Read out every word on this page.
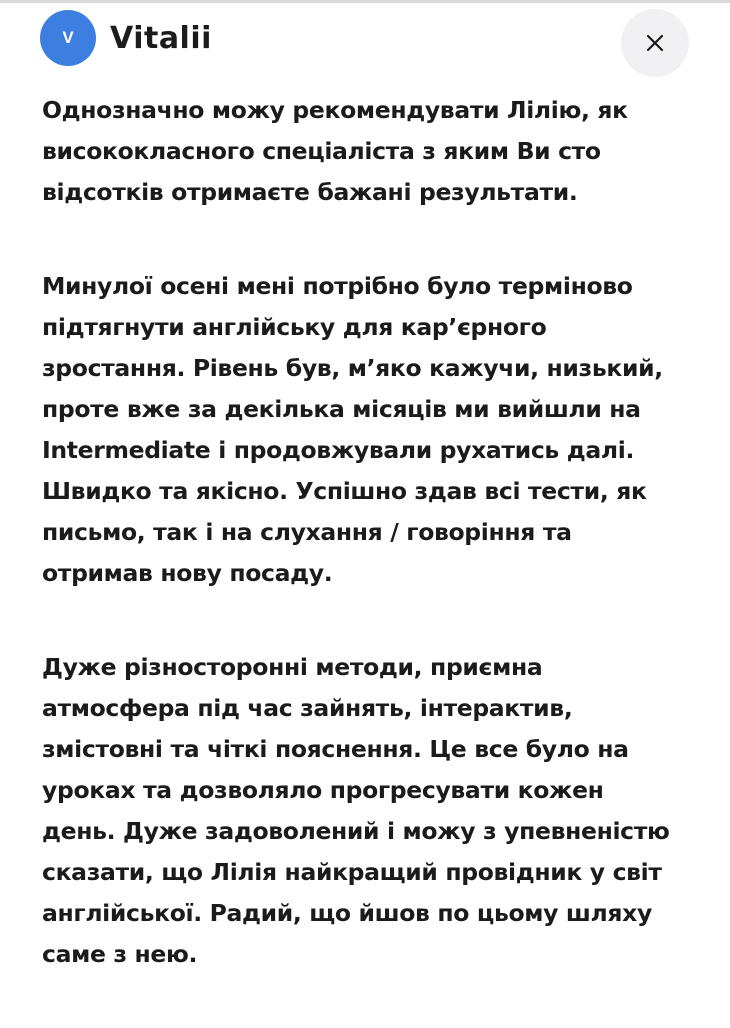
V Vitalii

Однозначно можу рекомендувати Лілію, як
висококласного спеціаліста з яким Ви сто
відсотків отримаєте бажані результати.

Минулої осені мені потрібно було терміново
підтягнути англійську для кар’єрного
зростання. Рівень був, м’яко кажучи, низький,
проте вже за декілька місяців ми вийшли на
Intermediate і продовжували рухатись далі.
Швидко та якісно. Успішно здав всі тести, як
письмо, так і на слухання / говоріння та
отримав нову посаду.

Дуже різносторонні методи, приємна
атмосфера під час зайнять, інтерактив,
змістовні та чіткі пояснення. Це все було на
уроках та дозволяло прогресувати кожен
день. Дуже задоволений і можу з упевненістю
сказати, що Лілія найкращий провідник у світ
англійської. Радий, що йшов по цьому шляху
саме з нею.
